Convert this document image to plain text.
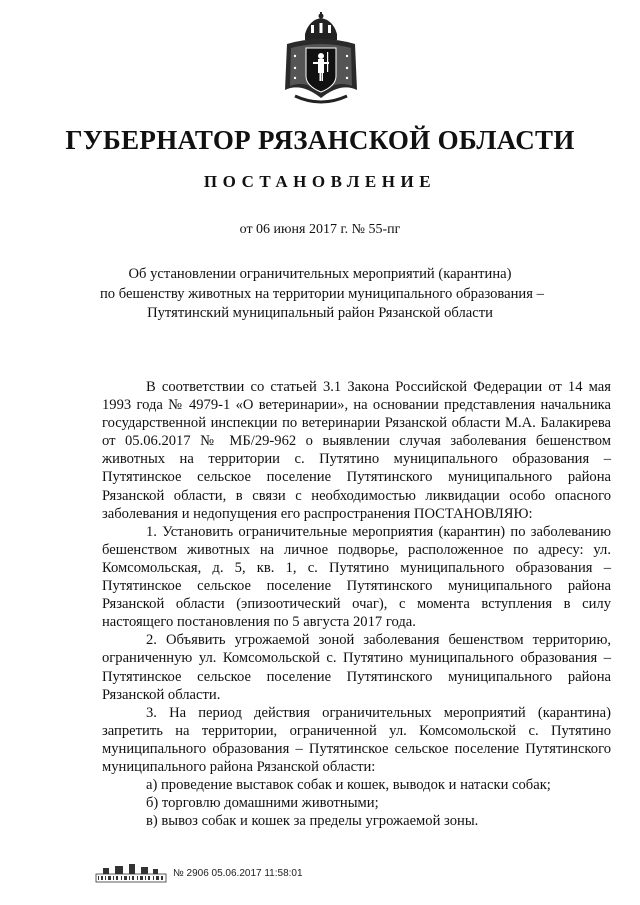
ГУБЕРНАТОР РЯЗАНСКОЙ ОБЛАСТИ
ПОСТАНОВЛЕНИЕ
от 06 июня 2017 г. № 55-пг
Об установлении ограничительных мероприятий (карантина)
по бешенству животных на территории муниципального образования –
Путятинский муниципальный район Рязанской области

В соответствии со статьей 3.1 Закона Российской Федерации от 14 мая 1993 года № 4979-1 «О ветеринарии», на основании представления начальника государственной инспекции по ветеринарии Рязанской области М.А. Балакирева от 05.06.2017 № МБ/29-962 о выявлении случая заболевания бешенством животных на территории с. Путятино муниципального образования – Путятинское сельское поселение Путятинского муниципального района Рязанской области, в связи с необходимостью ликвидации особо опасного заболевания и недопущения его распространения ПОСТАНОВЛЯЮ:

1. Установить ограничительные мероприятия (карантин) по заболеванию бешенством животных на личное подворье, расположенное по адресу: ул. Комсомольская, д. 5, кв. 1, с. Путятино муниципального образования – Путятинское сельское поселение Путятинского муниципального района Рязанской области (эпизоотический очаг), с момента вступления в силу настоящего постановления по 5 августа 2017 года.

2. Объявить угрожаемой зоной заболевания бешенством территорию, ограниченную ул. Комсомольской с. Путятино муниципального образования – Путятинское сельское поселение Путятинского муниципального района Рязанской области.

3. На период действия ограничительных мероприятий (карантина) запретить на территории, ограниченной ул. Комсомольской с. Путятино муниципального образования – Путятинское сельское поселение Путятинского муниципального района Рязанской области:

а) проведение выставок собак и кошек, выводок и натаски собак;

б) торговлю домашними животными;

в) вывоз собак и кошек за пределы угрожаемой зоны.

№ 2906 05.06.2017 11:58:01
